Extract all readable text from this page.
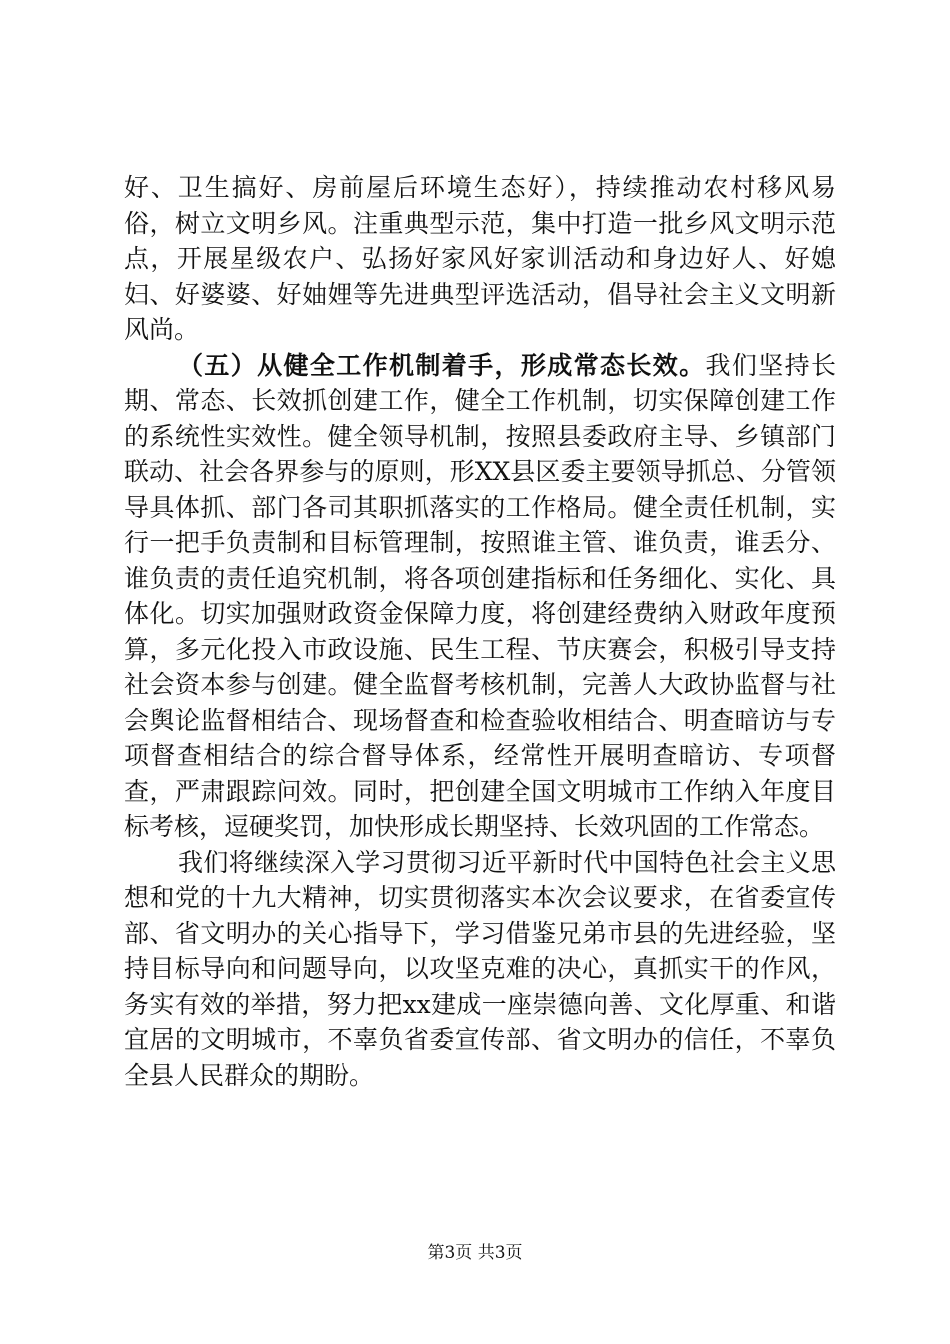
好、卫生搞好、房前屋后环境生态好），持续推动农村移风易俗，树立文明乡风。注重典型示范，集中打造一批乡风文明示范点，开展星级农户、弘扬好家风好家训活动和身边好人、好媳妇、好婆婆、好妯娌等先进典型评选活动，倡导社会主义文明新风尚。

（五）从健全工作机制着手，形成常态长效。我们坚持长期、常态、长效抓创建工作，健全工作机制，切实保障创建工作的系统性实效性。健全领导机制，按照县委政府主导、乡镇部门联动、社会各界参与的原则，形XX县区委主要领导抓总、分管领导具体抓、部门各司其职抓落实的工作格局。健全责任机制，实行一把手负责制和目标管理制，按照谁主管、谁负责，谁丢分、谁负责的责任追究机制，将各项创建指标和任务细化、实化、具体化。切实加强财政资金保障力度，将创建经费纳入财政年度预算，多元化投入市政设施、民生工程、节庆赛会，积极引导支持社会资本参与创建。健全监督考核机制，完善人大政协监督与社会舆论监督相结合、现场督查和检查验收相结合、明查暗访与专项督查相结合的综合督导体系，经常性开展明查暗访、专项督查，严肃跟踪问效。同时，把创建全国文明城市工作纳入年度目标考核，逗硬奖罚，加快形成长期坚持、长效巩固的工作常态。

我们将继续深入学习贯彻习近平新时代中国特色社会主义思想和党的十九大精神，切实贯彻落实本次会议要求，在省委宣传部、省文明办的关心指导下，学习借鉴兄弟市县的先进经验，坚持目标导向和问题导向，以攻坚克难的决心，真抓实干的作风，务实有效的举措，努力把xx建成一座崇德向善、文化厚重、和谐宜居的文明城市，不辜负省委宣传部、省文明办的信任，不辜负全县人民群众的期盼。

第3页 共3页
